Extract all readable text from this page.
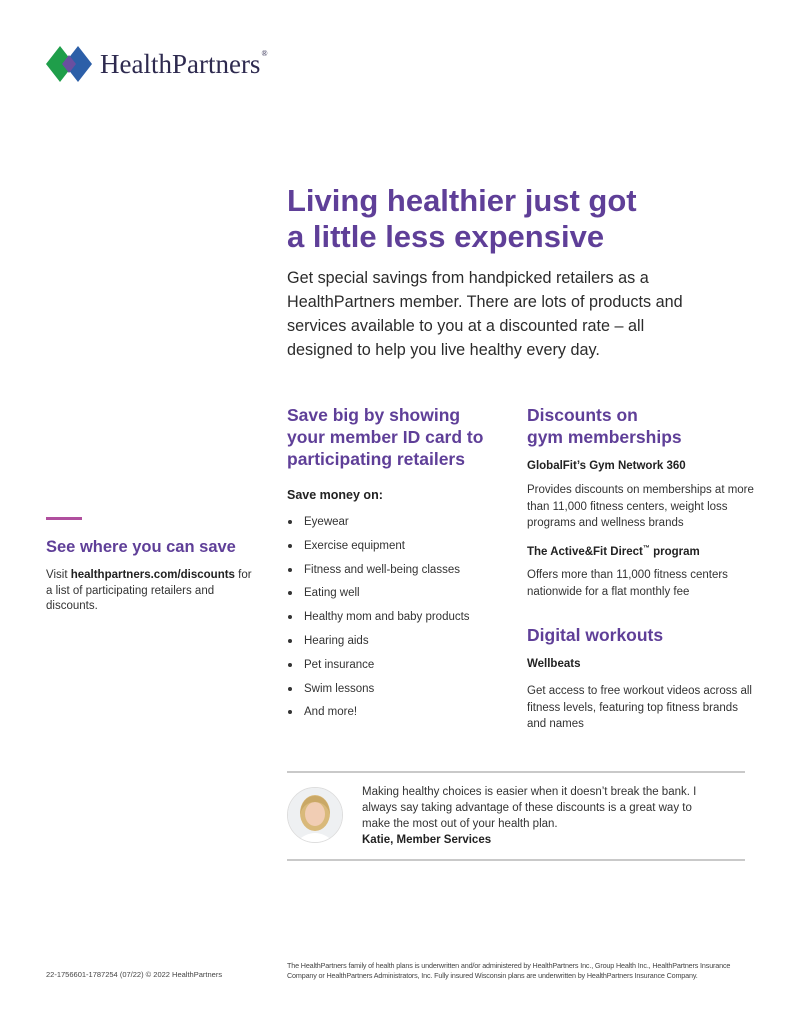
HealthPartners®
Living healthier just got
a little less expensive
Get special savings from handpicked retailers as a HealthPartners member. There are lots of products and services available to you at a discounted rate – all designed to help you live healthy every day.
Save big by showing
your member ID card to
participating retailers
Save money on:
Eyewear
Exercise equipment
Fitness and well-being classes
Eating well
Healthy mom and baby products
Hearing aids
Pet insurance
Swim lessons
And more!
Discounts on
gym memberships
GlobalFit’s Gym Network 360
Provides discounts on memberships at more than 11,000 fitness centers, weight loss programs and wellness brands
The Active&Fit Direct™ program
Offers more than 11,000 fitness centers nationwide for a flat monthly fee
Digital workouts
Wellbeats
Get access to free workout videos across all fitness levels, featuring top fitness brands and names
See where you can save
Visit healthpartners.com/discounts for a list of participating retailers and discounts.
Making healthy choices is easier when it doesn’t break the bank. I always say taking advantage of these discounts is a great way to make the most out of your health plan.
Katie, Member Services
22-1756601-1787254 (07/22) © 2022 HealthPartners
The HealthPartners family of health plans is underwritten and/or administered by HealthPartners Inc., Group Health Inc., HealthPartners Insurance Company or HealthPartners Administrators, Inc. Fully insured Wisconsin plans are underwritten by HealthPartners Insurance Company.
